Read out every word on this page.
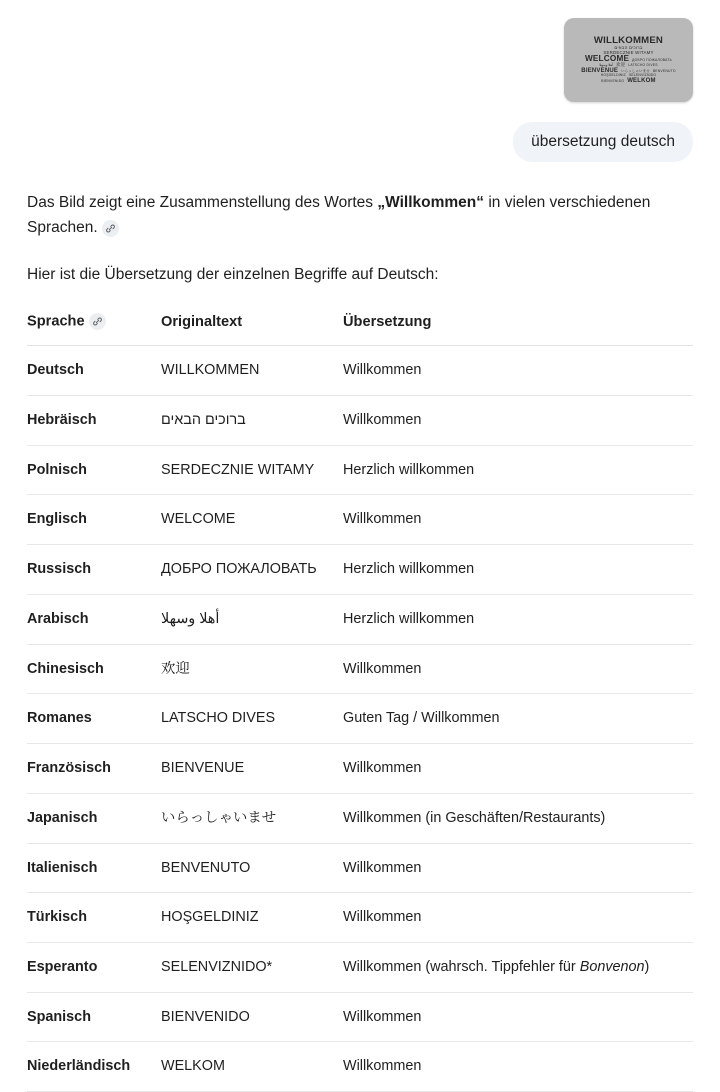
WILLKOMMEN
ברוכים הבאים
SERDECZNIE WITAMY
WELCOME ДОБРО ПОЖАЛОВАТЬ
أهلا وسهلا 欢迎 LATSCHO DIVES
BIENVENUE いらっしゃいませ BENVENUTO
HOŞGELDINIZ SELENVIZNIDO
BIENVENIDO WELKOM
übersetzung deutsch

Das Bild zeigt eine Zusammenstellung des Wortes „Willkommen“ in vielen verschiedenen Sprachen.

Hier ist die Übersetzung der einzelnen Begriffe auf Deutsch:

Sprache	Originaltext	Übersetzung
Deutsch	WILLKOMMEN	Willkommen
Hebräisch	ברוכים הבאים	Willkommen
Polnisch	SERDECZNIE WITAMY	Herzlich willkommen
Englisch	WELCOME	Willkommen
Russisch	ДОБРО ПОЖАЛОВАТЬ	Herzlich willkommen
Arabisch	أهلا وسهلا	Herzlich willkommen
Chinesisch	欢迎	Willkommen
Romanes	LATSCHO DIVES	Guten Tag / Willkommen
Französisch	BIENVENUE	Willkommen
Japanisch	いらっしゃいませ	Willkommen (in Geschäften/Restaurants)
Italienisch	BENVENUTO	Willkommen
Türkisch	HOŞGELDINIZ	Willkommen
Esperanto	SELENVIZNIDO*	Willkommen (wahrsch. Tippfehler für Bonvenon)
Spanisch	BIENVENIDO	Willkommen
Niederländisch	WELKOM	Willkommen
